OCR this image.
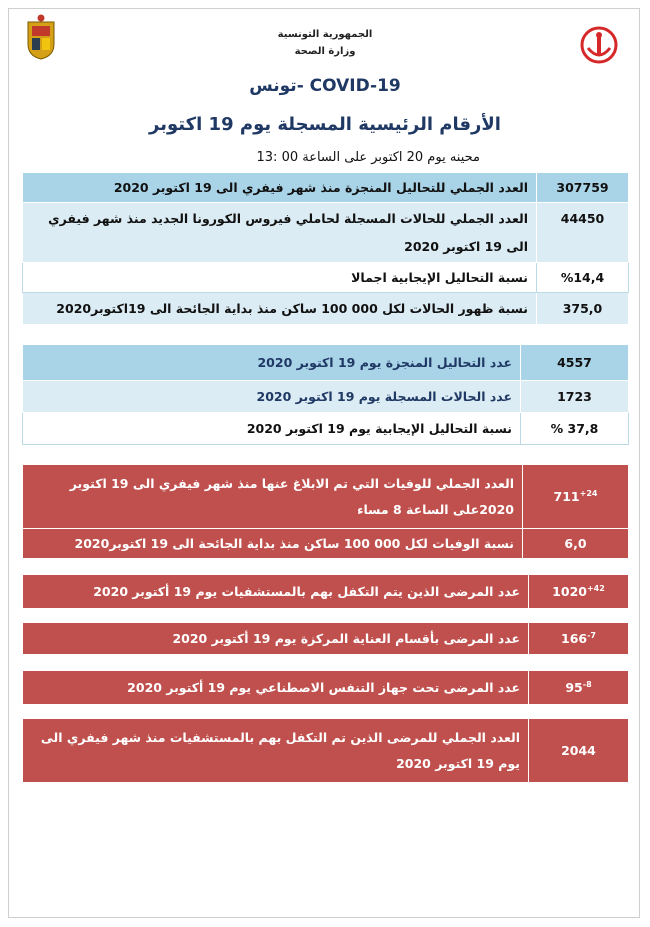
الجمهورية التونسية
وزارة الصحة
COVID-19 -تونس
الأرقام الرئيسية المسجلة يوم 19 اكتوبر
محينه يوم 20 اكتوبر على الساعة 00 :13
العدد الجملي للتحاليل المنجزة منذ شهر فيفري الى 19 اكتوبر 2020	307759
العدد الجملي للحالات المسجلة لحاملي فيروس الكورونا الجديد منذ شهر فيفري الى 19 اكتوبر 2020	44450
نسبة التحاليل الإيجابية اجمالا	%14,4
نسبة ظهور الحالات لكل 000 100 ساكن منذ بداية الجائحة الى 19اكتوبر2020	375,0
عدد التحاليل المنجزة يوم 19 اكتوبر 2020	4557
عدد الحالات المسجلة يوم 19 اكتوبر 2020	1723
نسبة التحاليل الإيجابية يوم 19 اكتوبر 2020	% 37,8
العدد الجملي للوفيات التي تم الابلاغ عنها منذ شهر فيفري الى 19 اكتوبر 2020على الساعة 8 مساء	$711^{+24}$
نسبة الوفيات لكل 000 100 ساكن منذ بداية الجائحة الى 19 اكتوبر2020	6,0
عدد المرضى الذين يتم التكفل بهم بالمستشفيات يوم 19 أكتوبر 2020	$1020^{+42}$
عدد المرضى بأقسام العناية المركزة يوم 19 أكتوبر 2020	$166^{-7}$
عدد المرضى تحت جهاز التنفس الاصطناعي يوم 19 أكتوبر 2020	$95^{-8}$
العدد الجملي للمرضى الذين تم التكفل بهم بالمستشفيات منذ شهر فيفري الى يوم 19 اكتوبر 2020	2044
